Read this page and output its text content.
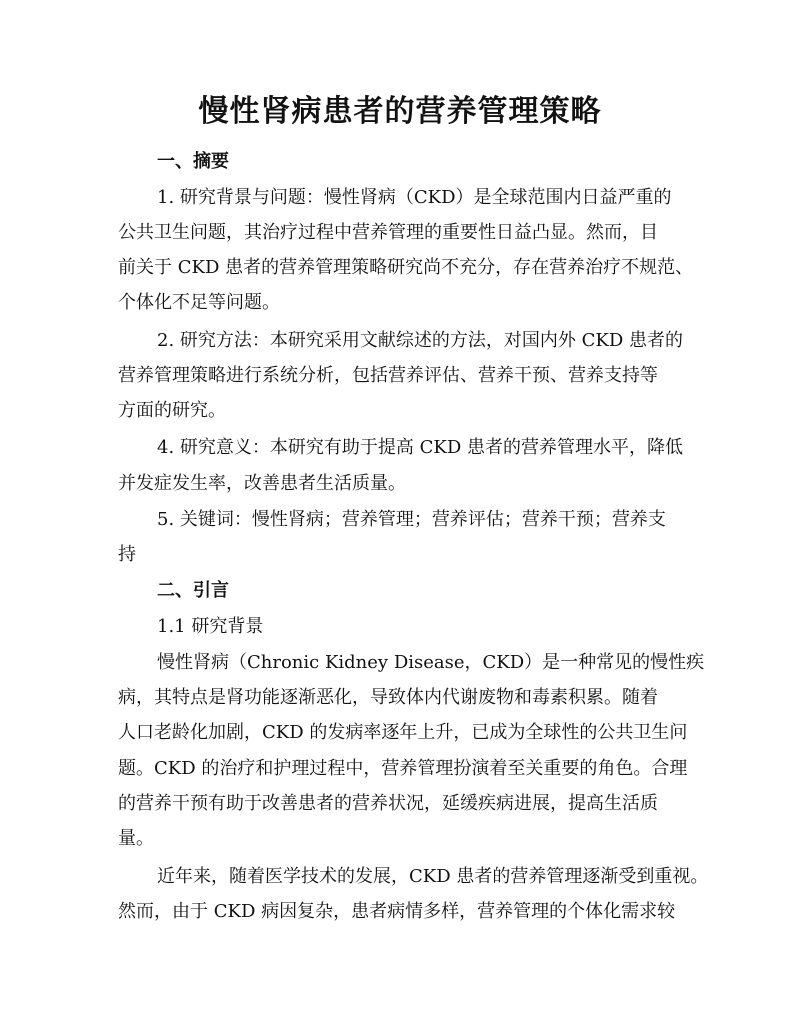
慢性肾病患者的营养管理策略
一、摘要
1. 研究背景与问题：慢性肾病（CKD）是全球范围内日益严重的
公共卫生问题，其治疗过程中营养管理的重要性日益凸显。然而，目
前关于 CKD 患者的营养管理策略研究尚不充分，存在营养治疗不规范、
个体化不足等问题。
2. 研究方法：本研究采用文献综述的方法，对国内外 CKD 患者的
营养管理策略进行系统分析，包括营养评估、营养干预、营养支持等
方面的研究。
4. 研究意义：本研究有助于提高 CKD 患者的营养管理水平，降低
并发症发生率，改善患者生活质量。
5. 关键词：慢性肾病；营养管理；营养评估；营养干预；营养支
持
二、引言
1.1 研究背景
慢性肾病（Chronic Kidney Disease，CKD）是一种常见的慢性疾
病，其特点是肾功能逐渐恶化，导致体内代谢废物和毒素积累。随着
人口老龄化加剧，CKD 的发病率逐年上升，已成为全球性的公共卫生问
题。CKD 的治疗和护理过程中，营养管理扮演着至关重要的角色。合理
的营养干预有助于改善患者的营养状况，延缓疾病进展，提高生活质
量。
近年来，随着医学技术的发展，CKD 患者的营养管理逐渐受到重视。
然而，由于 CKD 病因复杂，患者病情多样，营养管理的个体化需求较
